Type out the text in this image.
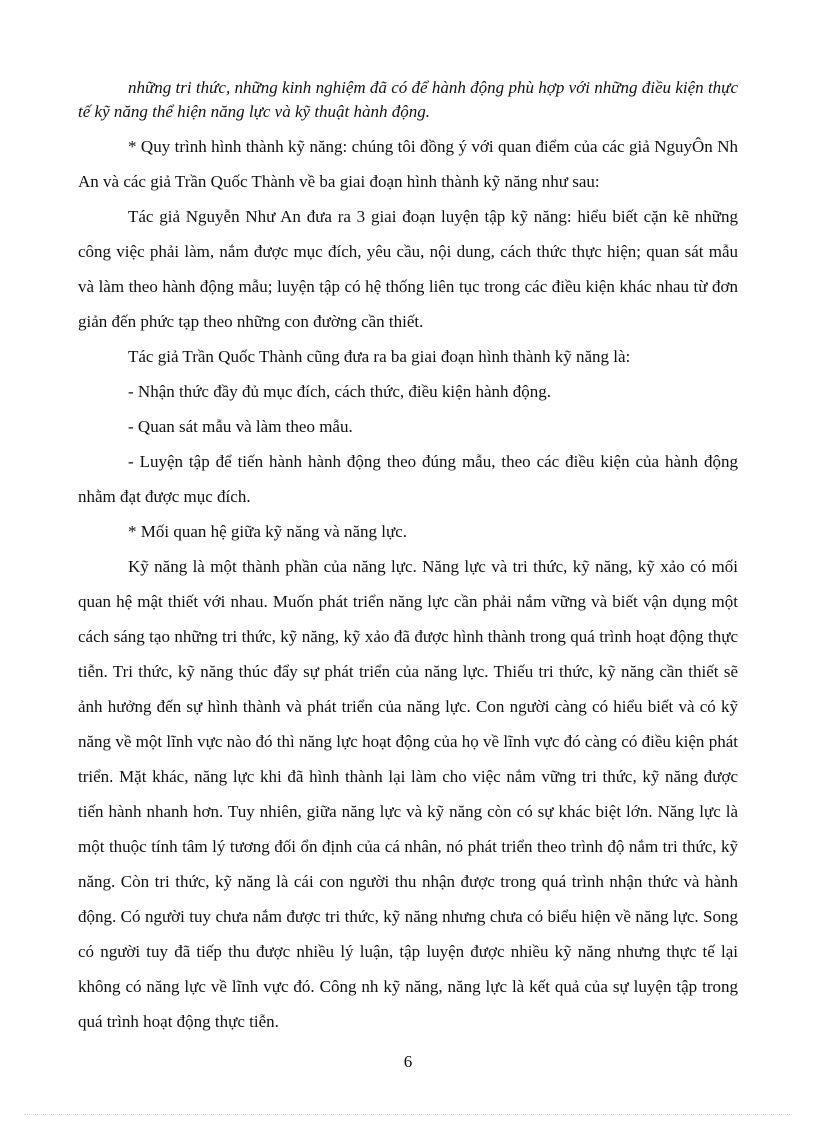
những tri thức, những kinh nghiệm đã có để hành động phù hợp với những điều kiện thực tế kỹ năng thể hiện năng lực và kỹ thuật hành động.

* Quy trình hình thành kỹ năng: chúng tôi đồng ý với quan điểm của các giả NguyÔn Nh An và các giả Trần Quốc Thành về ba giai đoạn hình thành kỹ năng như sau:

Tác giả Nguyễn Như An đưa ra 3 giai đoạn luyện tập kỹ năng: hiểu biết cặn kẽ những công việc phải làm, nắm được mục đích, yêu cầu, nội dung, cách thức thực hiện; quan sát mẫu và làm theo hành động mẫu; luyện tập có hệ thống liên tục trong các điều kiện khác nhau từ đơn giản đến phức tạp theo những con đường cần thiết.

Tác giả Trần Quốc Thành cũng đưa ra ba giai đoạn hình thành kỹ năng là:

- Nhận thức đầy đủ mục đích, cách thức, điều kiện hành động.

- Quan sát mẫu và làm theo mẫu.

- Luyện tập để tiến hành hành động theo đúng mẫu, theo các điều kiện của hành động nhằm đạt được mục đích.

* Mối quan hệ giữa kỹ năng và năng lực.

Kỹ năng là một thành phần của năng lực. Năng lực và tri thức, kỹ năng, kỹ xảo có mối quan hệ mật thiết với nhau. Muốn phát triển năng lực cần phải nắm vững và biết vận dụng một cách sáng tạo những tri thức, kỹ năng, kỹ xảo đã được hình thành trong quá trình hoạt động thực tiễn. Tri thức, kỹ năng thúc đẩy sự phát triển của năng lực. Thiếu tri thức, kỹ năng cần thiết sẽ ảnh hưởng đến sự hình thành và phát triển của năng lực. Con người càng có hiểu biết và có kỹ năng về một lĩnh vực nào đó thì năng lực hoạt động của họ về lĩnh vực đó càng có điều kiện phát triển. Mặt khác, năng lực khi đã hình thành lại làm cho việc nắm vững tri thức, kỹ năng được tiến hành nhanh hơn. Tuy nhiên, giữa năng lực và kỹ năng còn có sự khác biệt lớn. Năng lực là một thuộc tính tâm lý tương đối ổn định của cá nhân, nó phát triển theo trình độ nắm tri thức, kỹ năng. Còn tri thức, kỹ năng là cái con người thu nhận được trong quá trình nhận thức và hành động. Có người tuy chưa nắm được tri thức, kỹ năng nhưng chưa có biểu hiện về năng lực. Song có người tuy đã tiếp thu được nhiều lý luận, tập luyện được nhiều kỹ năng nhưng thực tế lại không có năng lực về lĩnh vực đó. Công nh kỹ năng, năng lực là kết quả của sự luyện tập trong quá trình hoạt động thực tiễn.

6
